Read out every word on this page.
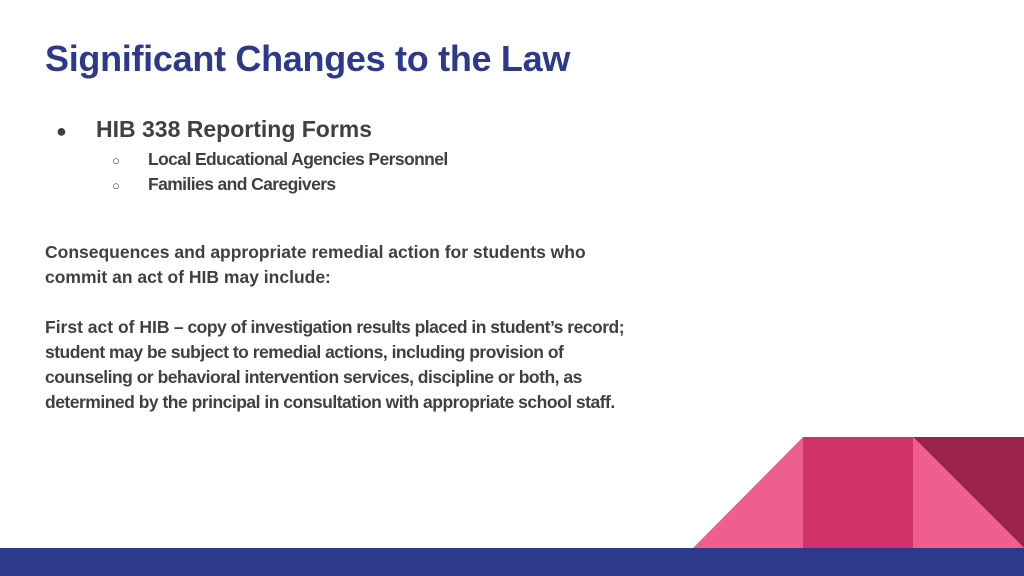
Significant Changes to the Law
●	HIB 338 Reporting Forms
○	Local Educational Agencies Personnel
○	Families and Caregivers

Consequences and appropriate remedial action for students who commit an act of HIB may include:

First act of HIB – copy of investigation results placed in student’s record; student may be subject to remedial actions, including provision of counseling or behavioral intervention services, discipline or both, as determined by the principal in consultation with appropriate school staff.
